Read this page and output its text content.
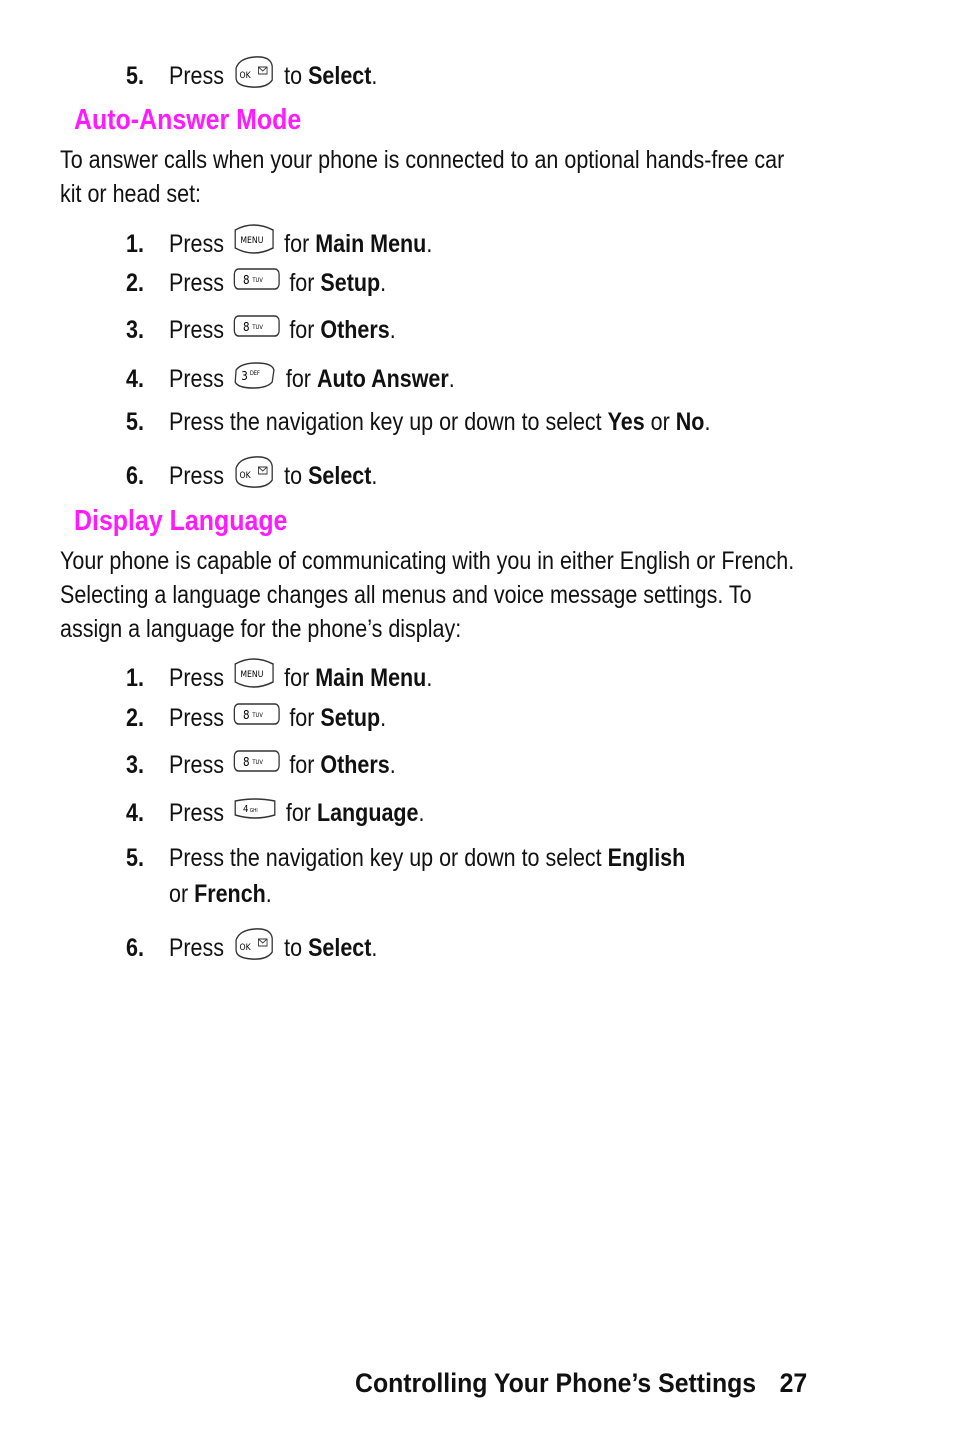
5.	Press OK to
Select .
Auto-Answer Mode
To answer calls when your phone is connected to an optional hands-free car
kit or head set:
1.	Press MENU for
Main Menu .
2.	Press 8 TUV for
Setup .
3.	Press 8 TUV for
Others .
4.	Press 3 DEF for
Auto Answer .
5.	Press the navigation key up or down to select
Yes
or
No .
6.	Press OK to
Select .
Display Language
Your phone is capable of communicating with you in either English or French.
Selecting a language changes all menus and voice message settings. To
assign a language for the phone’s display:
1.	Press MENU for
Main Menu .
2.	Press 8 TUV for
Setup .
3.	Press 8 TUV for
Others .
4.	Press 4 GHI for
Language .
5.	Press the navigation key up or down to select
English
or French.
6.	Press OK to
Select .
Controlling Your Phone’s Settings 27
